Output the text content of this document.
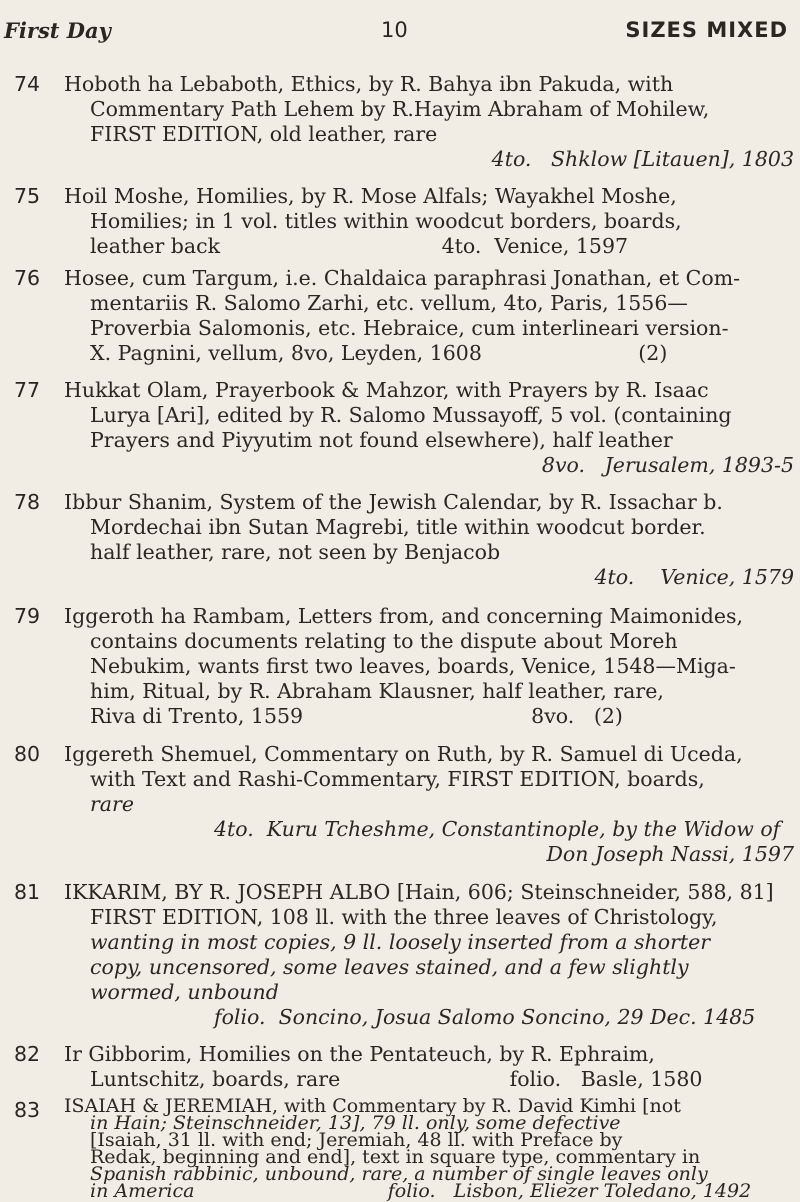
First Day	10	SIZES MIXED
74	Hoboth ha Lebaboth, Ethics, by R. Bahya ibn Pakuda, with
Commentary Path Lehem by R.Hayim Abraham of Mohilew,
FIRST EDITION, old leather, rare
4to.   Shklow [Litauen], 1803
75	Hoil Moshe, Homilies, by R. Mose Alfals; Wayakhel Moshe,
Homilies; in 1 vol. titles within woodcut borders, boards,
leather back                                  4to.  Venice, 1597
76	Hosee, cum Targum, i.e. Chaldaica paraphrasi Jonathan, et Com-
mentariis R. Salomo Zarhi, etc. vellum, 4to, Paris, 1556—
Proverbia Salomonis, etc. Hebraice, cum interlineari version-
X. Pagnini, vellum, 8vo, Leyden, 1608                        (2)
77	Hukkat Olam, Prayerbook & Mahzor, with Prayers by R. Isaac
Lurya [Ari], edited by R. Salomo Mussayoff, 5 vol. (containing
Prayers and Piyyutim not found elsewhere), half leather
8vo.   Jerusalem, 1893-5
78	Ibbur Shanim, System of the Jewish Calendar, by R. Issachar b.
Mordechai ibn Sutan Magrebi, title within woodcut border.
half leather, rare, not seen by Benjacob
4to.    Venice, 1579
79	Iggeroth ha Rambam, Letters from, and concerning Maimonides,
contains documents relating to the dispute about Moreh
Nebukim, wants first two leaves, boards, Venice, 1548—Miga-
him, Ritual, by R. Abraham Klausner, half leather, rare,
Riva di Trento, 1559                                   8vo.   (2)
80	Iggereth Shemuel, Commentary on Ruth, by R. Samuel di Uceda,
with Text and Rashi-Commentary, FIRST EDITION, boards,
rare
4to.  Kuru Tcheshme, Constantinople, by the Widow of
Don Joseph Nassi, 1597
81	IKKARIM, BY R. JOSEPH ALBO [Hain, 606; Steinschneider, 588, 81]
FIRST EDITION, 108 ll. with the three leaves of Christology,
wanting in most copies, 9 ll. loosely inserted from a shorter
copy, uncensored, some leaves stained, and a few slightly
wormed, unbound
folio.  Soncino, Josua Salomo Soncino, 29 Dec. 1485
82	Ir Gibborim, Homilies on the Pentateuch, by R. Ephraim,
Luntschitz, boards, rare                          folio.   Basle, 1580
83	ISAIAH & JEREMIAH, with Commentary by R. David Kimhi [not
in Hain; Steinschneider, 13], 79 ll. only, some defective
[Isaiah, 31 ll. with end; Jeremiah, 48 ll. with Preface by
Redak, beginning and end], text in square type, commentary in
Spanish rabbinic, unbound, rare, a number of single leaves only
in America                                folio.   Lisbon, Eliezer Toledano, 1492
